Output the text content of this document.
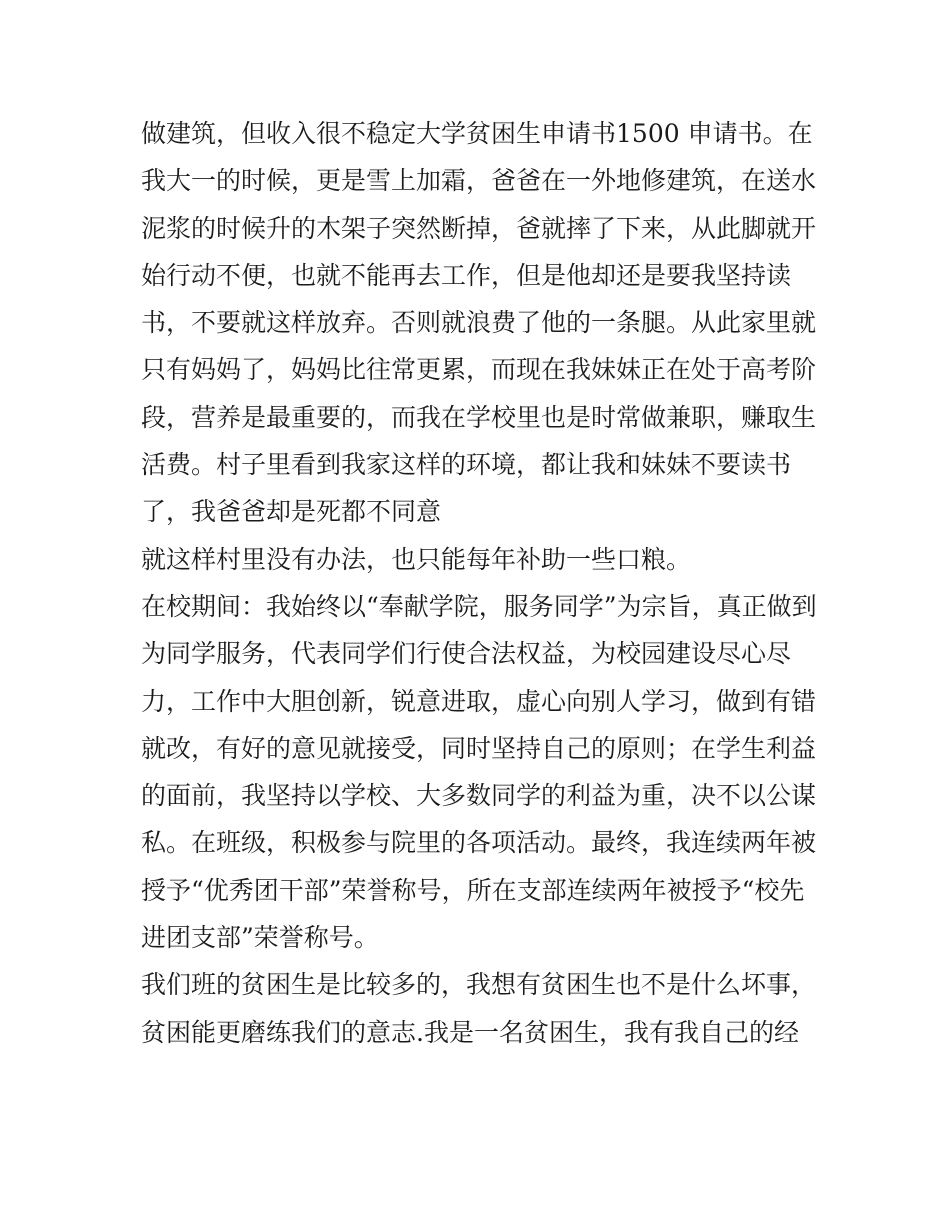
做建筑，但收入很不稳定大学贫困生申请书1500 申请书。在
我大一的时候，更是雪上加霜，爸爸在一外地修建筑，在送水
泥浆的时候升的木架子突然断掉，爸就摔了下来，从此脚就开
始行动不便，也就不能再去工作，但是他却还是要我坚持读
书，不要就这样放弃。否则就浪费了他的一条腿。从此家里就
只有妈妈了，妈妈比往常更累，而现在我妹妹正在处于高考阶
段，营养是最重要的，而我在学校里也是时常做兼职，赚取生
活费。村子里看到我家这样的环境，都让我和妹妹不要读书
了，我爸爸却是死都不同意
就这样村里没有办法，也只能每年补助一些口粮。
在校期间：我始终以“奉献学院，服务同学”为宗旨，真正做到
为同学服务，代表同学们行使合法权益，为校园建设尽心尽
力，工作中大胆创新，锐意进取，虚心向别人学习，做到有错
就改，有好的意见就接受，同时坚持自己的原则；在学生利益
的面前，我坚持以学校、大多数同学的利益为重，决不以公谋
私。在班级，积极参与院里的各项活动。最终，我连续两年被
授予“优秀团干部”荣誉称号，所在支部连续两年被授予“校先
进团支部”荣誉称号。
我们班的贫困生是比较多的，我想有贫困生也不是什么坏事，
贫困能更磨练我们的意志.我是一名贫困生，我有我自己的经
